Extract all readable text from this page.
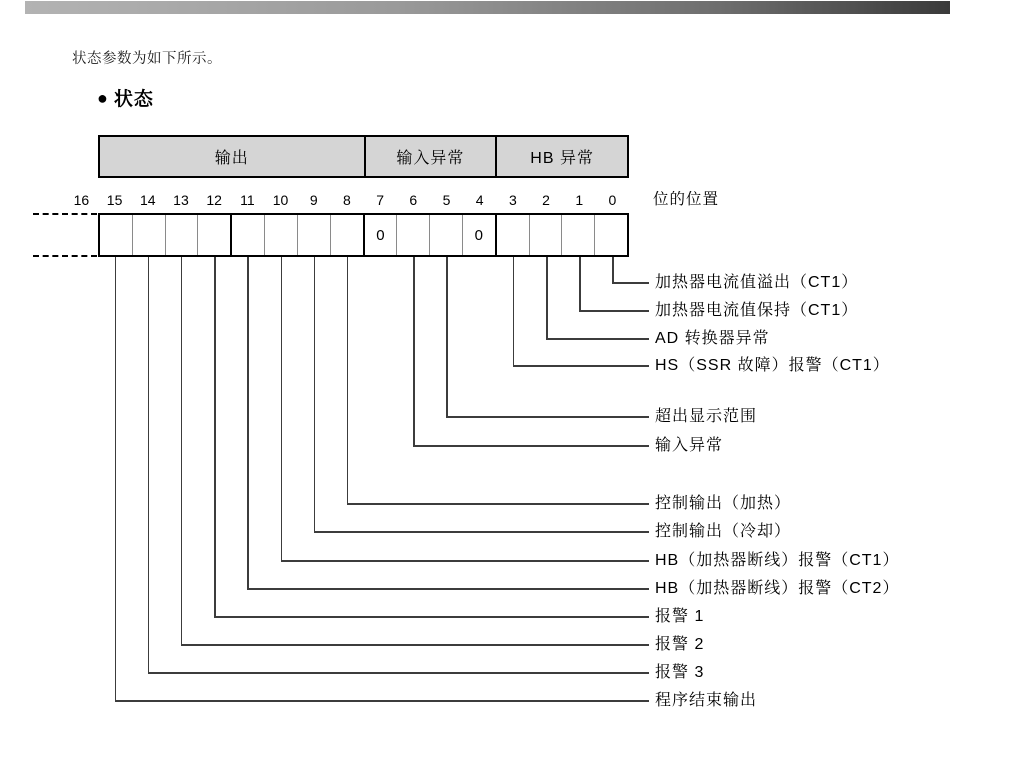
状态参数为如下所示。
● 状态
输出	输入异常	HB 异常
16 15 14 13 12 11 10 9 8 7 6 5 4 3 2 1 0 位的位置
0	0
加热器电流值溢出（CT1）
加热器电流值保持（CT1）
AD 转换器异常
HS（SSR 故障）报警（CT1）
超出显示范围
输入异常
控制输出（加热）
控制输出（冷却）
HB（加热器断线）报警（CT1）
HB（加热器断线）报警（CT2）
报警 1
报警 2
报警 3
程序结束输出
